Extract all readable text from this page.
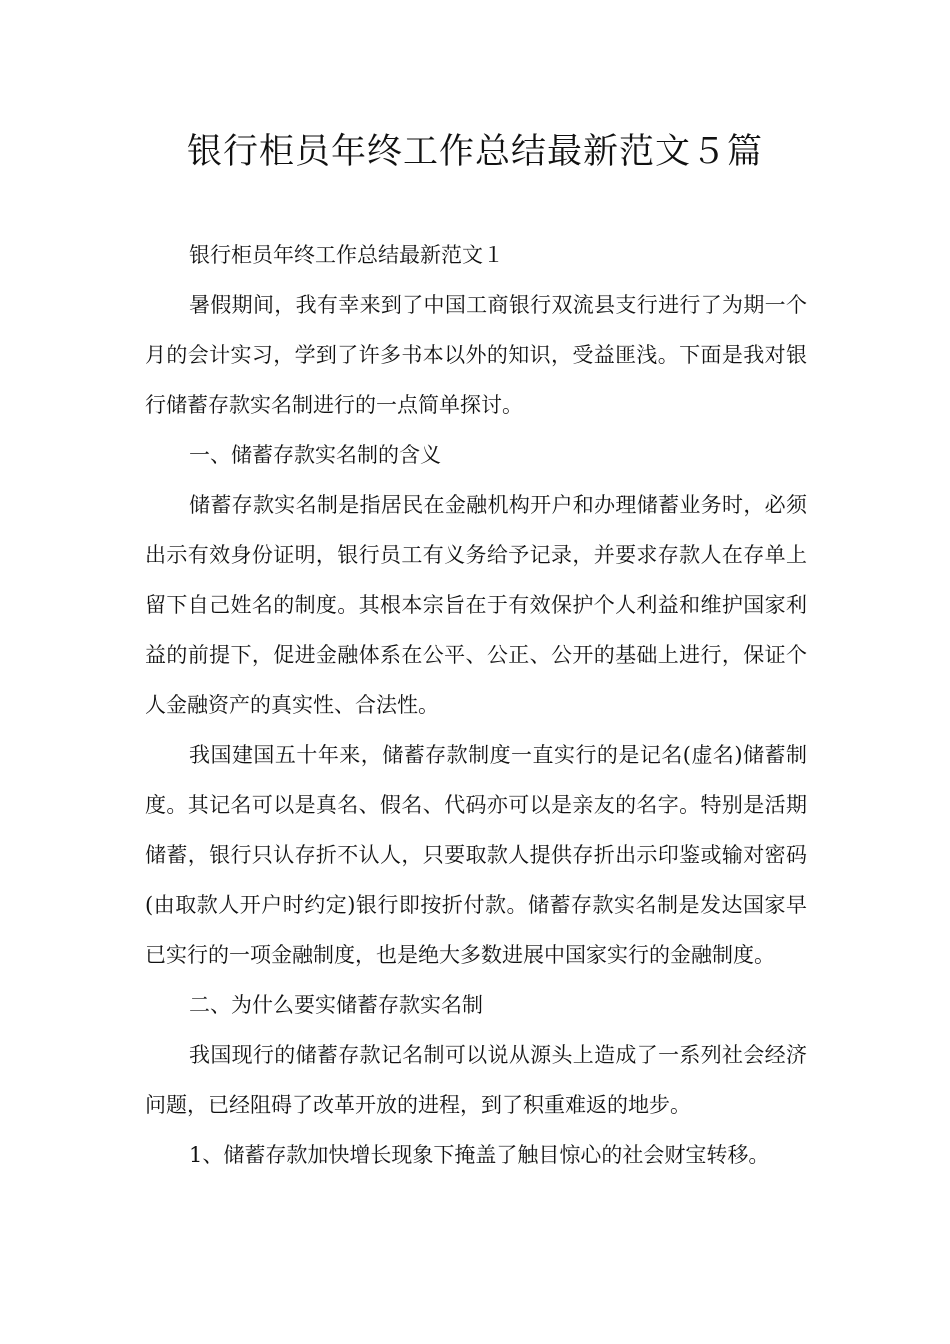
银行柜员年终工作总结最新范文５篇

银行柜员年终工作总结最新范文１

暑假期间，我有幸来到了中国工商银行双流县支行进行了为期一个月的会计实习，学到了许多书本以外的知识，受益匪浅。下面是我对银行储蓄存款实名制进行的一点简单探讨。

一、储蓄存款实名制的含义

储蓄存款实名制是指居民在金融机构开户和办理储蓄业务时，必须出示有效身份证明，银行员工有义务给予记录，并要求存款人在存单上留下自己姓名的制度。其根本宗旨在于有效保护个人利益和维护国家利益的前提下，促进金融体系在公平、公正、公开的基础上进行，保证个人金融资产的真实性、合法性。

我国建国五十年来，储蓄存款制度一直实行的是记名(虚名)储蓄制度。其记名可以是真名、假名、代码亦可以是亲友的名字。特别是活期储蓄，银行只认存折不认人，只要取款人提供存折出示印鉴或输对密码(由取款人开户时约定)银行即按折付款。储蓄存款实名制是发达国家早已实行的一项金融制度，也是绝大多数进展中国家实行的金融制度。

二、为什么要实储蓄存款实名制

我国现行的储蓄存款记名制可以说从源头上造成了一系列社会经济问题，已经阻碍了改革开放的进程，到了积重难返的地步。

1、储蓄存款加快增长现象下掩盖了触目惊心的社会财宝转移。
